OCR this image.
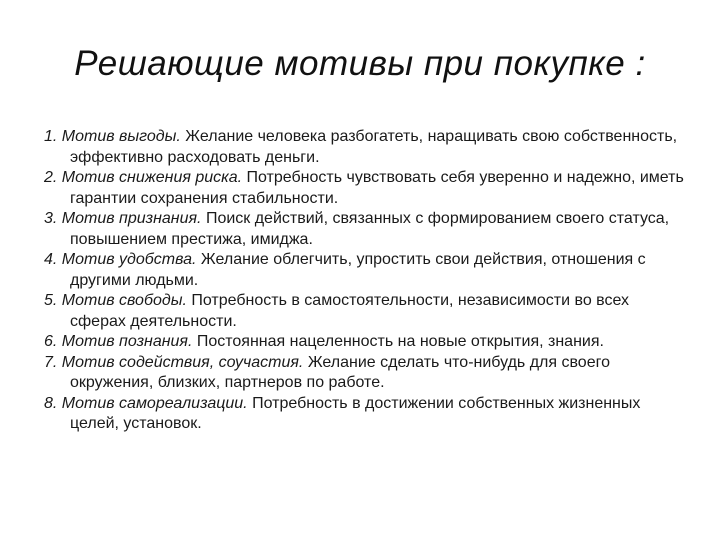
Решающие мотивы при покупке :
1. Мотив выгоды. Желание человека разбогатеть, наращивать свою собственность, эффективно расходовать деньги.
2. Мотив снижения риска. Потребность чувствовать себя уверенно и надежно, иметь гарантии сохранения стабильности.
3. Мотив признания. Поиск действий, связанных с формированием своего статуса, повышением престижа, имиджа.
4. Мотив удобства. Желание облегчить, упростить свои действия, отношения с другими людьми.
5. Мотив свободы. Потребность в самостоятельности, независимости во всех сферах деятельности.
6. Мотив познания. Постоянная нацеленность на новые открытия, знания.
7. Мотив содействия, соучастия. Желание сделать что-нибудь для своего окружения, близких, партнеров по работе.
8. Мотив самореализации. Потребность в достижении собственных жизненных целей, установок.
